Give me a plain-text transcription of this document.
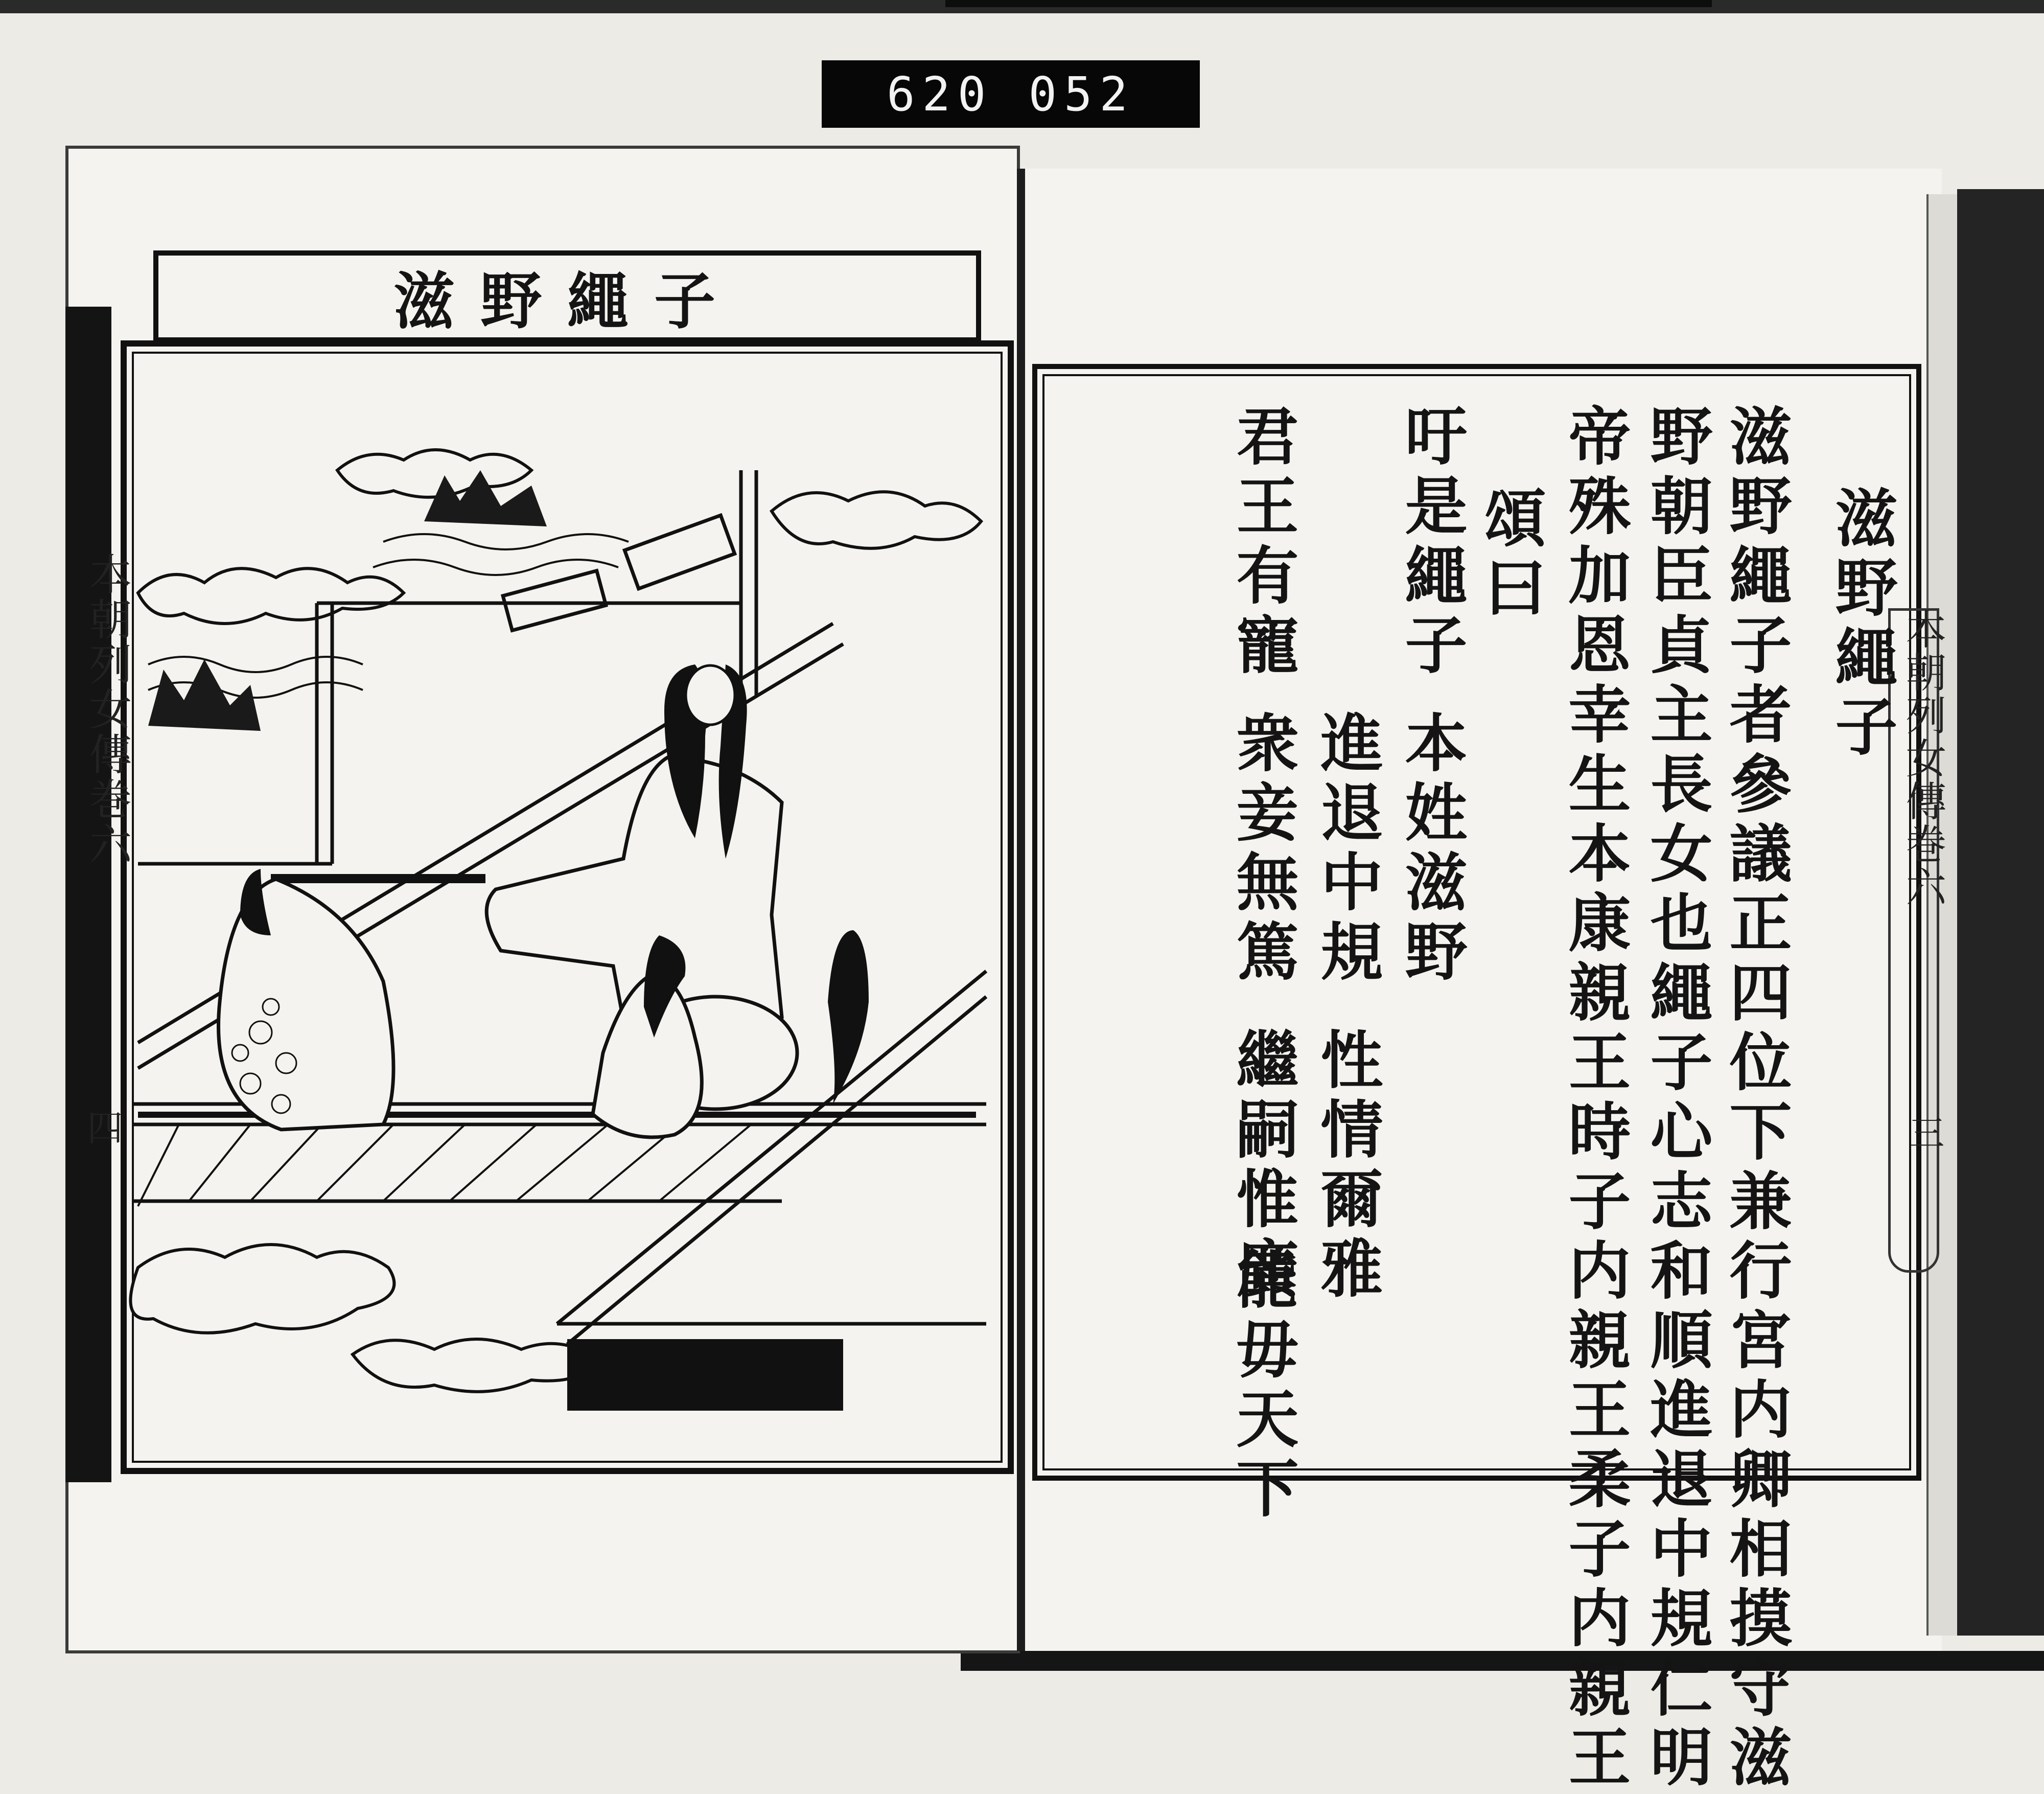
620 052
滋野繩子
本朝列女傳巻六
四
本朝列女傳巻六
三
滋野繩子
滋野繩子者參議正四位下兼行宮内卿相摸守滋
野朝臣貞主長女也繩子心志和順進退中規仁明
帝殊加恩幸生本康親王時子内親王柔子内親王
頌曰
吁是繩子
本姓滋野
進退中規
性情爾雅
君王有寵
衆妾無篤
繼嗣惟廣
能毋天下
